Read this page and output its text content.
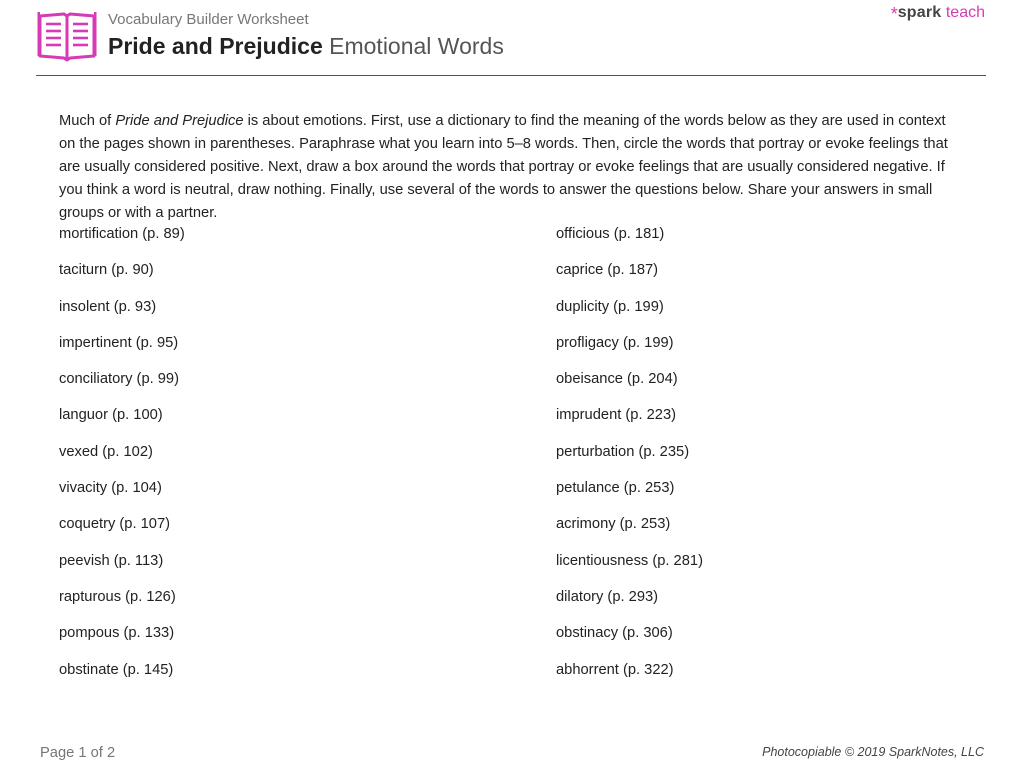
Vocabulary Builder Worksheet
Pride and Prejudice Emotional Words
*spark teach

Much of Pride and Prejudice is about emotions. First, use a dictionary to find the meaning of the words below as they are used in context on the pages shown in parentheses. Paraphrase what you learn into 5–8 words. Then, circle the words that portray or evoke feelings that are usually considered positive. Next, draw a box around the words that portray or evoke feelings that are usually considered negative. If you think a word is neutral, draw nothing. Finally, use several of the words to answer the questions below. Share your answers in small groups or with a partner.

mortification (p. 89)
taciturn (p. 90)
insolent (p. 93)
impertinent (p. 95)
conciliatory (p. 99)
languor (p. 100)
vexed (p. 102)
vivacity (p. 104)
coquetry (p. 107)
peevish (p. 113)
rapturous (p. 126)
pompous (p. 133)
obstinate (p. 145)
officious (p. 181)
caprice (p. 187)
duplicity (p. 199)
profligacy (p. 199)
obeisance (p. 204)
imprudent (p. 223)
perturbation (p. 235)
petulance (p. 253)
acrimony (p. 253)
licentiousness (p. 281)
dilatory (p. 293)
obstinacy (p. 306)
abhorrent (p. 322)
Page 1 of 2	Photocopiable © 2019 SparkNotes, LLC
